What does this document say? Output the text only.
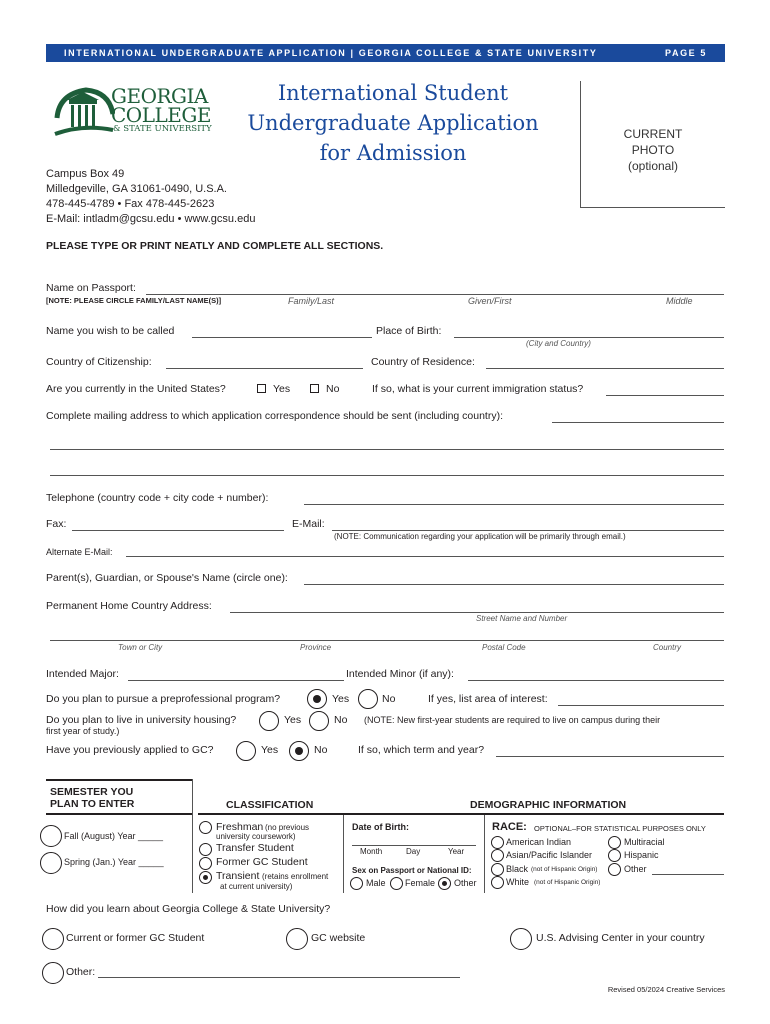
INTERNATIONAL UNDERGRADUATE APPLICATION | GEORGIA COLLEGE & STATE UNIVERSITY	PAGE 5
GEORGIA
COLLEGE
& STATE UNIVERSITY
International Student
Undergraduate Application
for Admission
CURRENT
PHOTO
(optional)
Campus Box 49
Milledgeville, GA 31061-0490, U.S.A.
478-445-4789 • Fax 478-445-2623
E-Mail: intladm@gcsu.edu • www.gcsu.edu
PLEASE TYPE OR PRINT NEATLY AND COMPLETE ALL SECTIONS.
Name on Passport:
[NOTE: PLEASE CIRCLE FAMILY/LAST NAME(S)]	Family/Last	Given/First	Middle
Name you wish to be called	Place of Birth:
(City and Country)
Country of Citizenship:	Country of Residence:
Are you currently in the United States?	Yes	No	If so, what is your current immigration status?
Complete mailing address to which application correspondence should be sent (including country):
Telephone (country code + city code + number):
Fax:	E-Mail:
(NOTE: Communication regarding your application will be primarily through email.)
Alternate E-Mail:
Parent(s), Guardian, or Spouse's Name (circle one):
Permanent Home Country Address:
Street Name and Number
Town or City	Province	Postal Code	Country
Intended Major:	Intended Minor (if any):
Do you plan to pursue a preprofessional program?	Yes	No	If yes, list area of interest:
Do you plan to live in university housing?	Yes	No (NOTE: New first-year students are required to live on campus during their
first year of study.)
Have you previously applied to GC?	Yes	No	If so, which term and year?
SEMESTER YOU
PLAN TO ENTER
Fall (August) Year _____
Spring (Jan.) Year _____
CLASSIFICATION
Freshman (no previous
university coursework)
Transfer Student
Former GC Student
Transient (retains enrollment
at current university)
DEMOGRAPHIC INFORMATION
Date of Birth:
Month	Day	Year
Sex on Passport or National ID:
Male Female Other
RACE: OPTIONAL–FOR STATISTICAL PURPOSES ONLY
American Indian	Multiracial
Asian/Pacific Islander	Hispanic
Black (not of Hispanic Origin)	Other
White (not of Hispanic Origin)
How did you learn about Georgia College & State University?
Current or former GC Student	GC website	U.S. Advising Center in your country
Other:
Revised 05/2024 Creative Services
